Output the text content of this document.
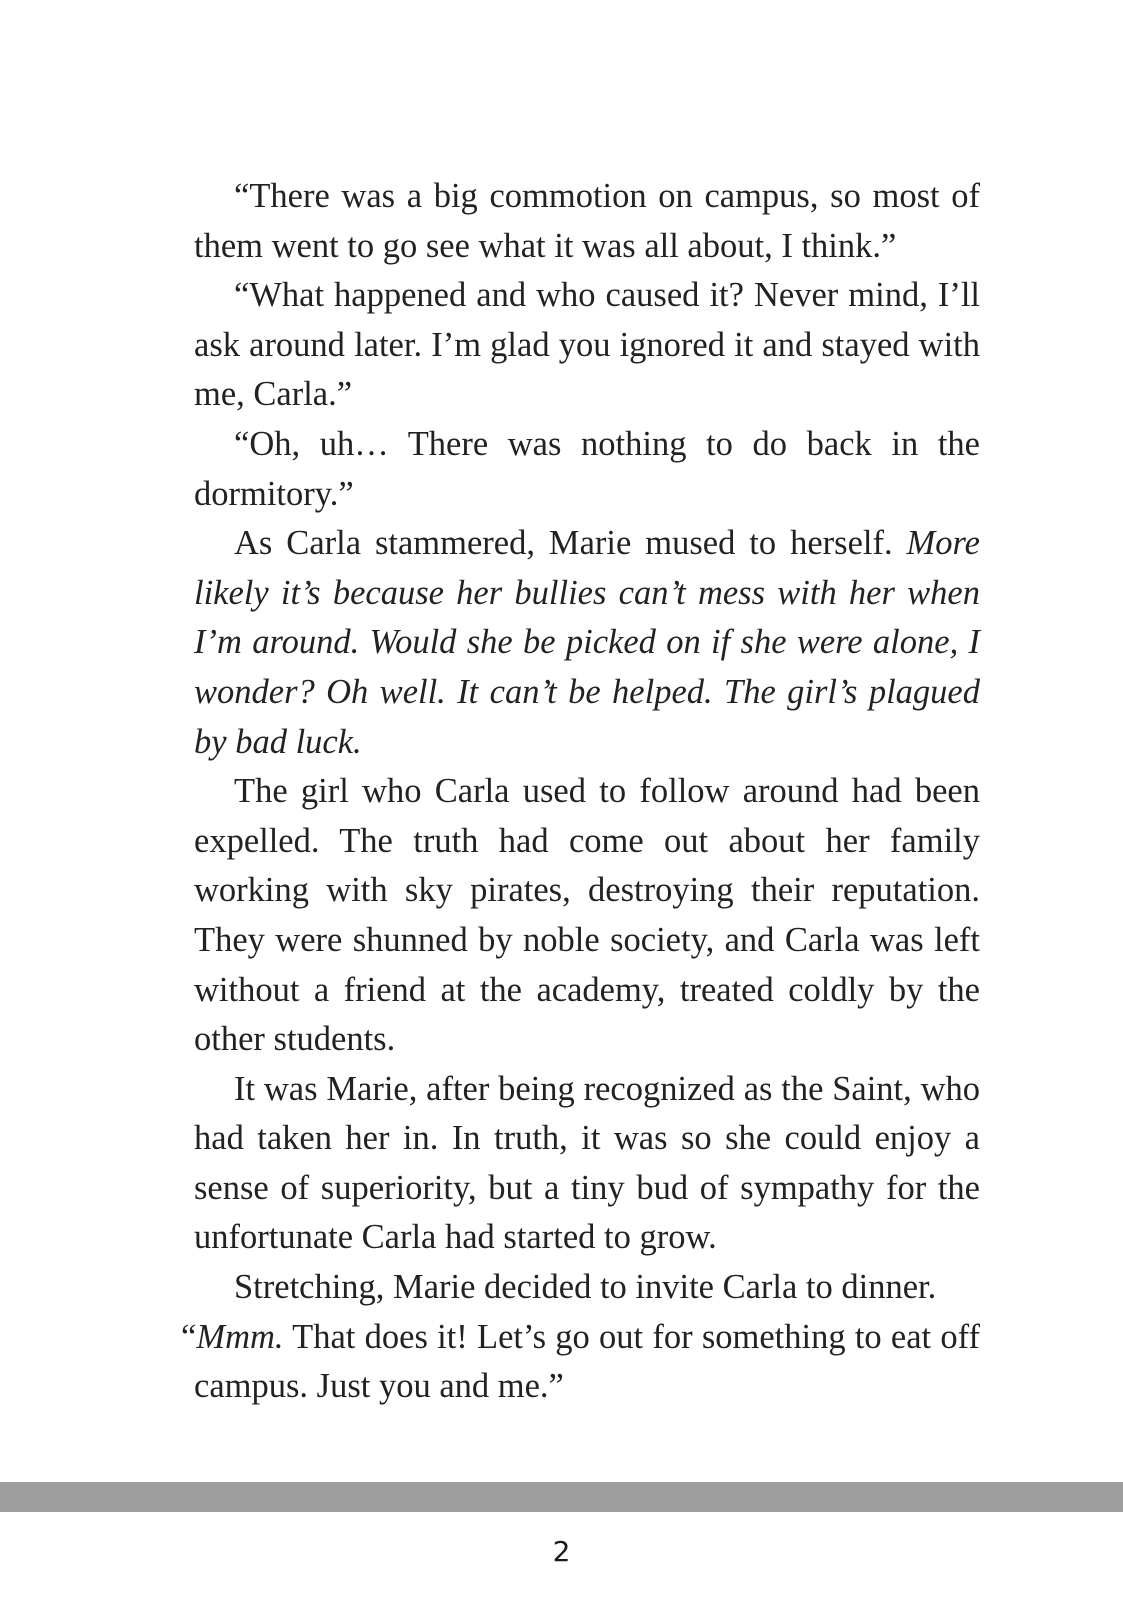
“There was a big commotion on campus, so most of them went to go see what it was all about, I think.”

“What happened and who caused it? Never mind, I’ll ask around later. I’m glad you ignored it and stayed with me, Carla.”

“Oh, uh… There was nothing to do back in the dormitory.”

As Carla stammered, Marie mused to herself. More likely it’s because her bullies can’t mess with her when I’m around. Would she be picked on if she were alone, I wonder? Oh well. It can’t be helped. The girl’s plagued by bad luck.

The girl who Carla used to follow around had been expelled. The truth had come out about her family working with sky pirates, destroying their reputation. They were shunned by noble society, and Carla was left without a friend at the academy, treated coldly by the other students.

It was Marie, after being recognized as the Saint, who had taken her in. In truth, it was so she could enjoy a sense of superiority, but a tiny bud of sympathy for the unfortunate Carla had started to grow.

Stretching, Marie decided to invite Carla to dinner.

“Mmm. That does it! Let’s go out for something to eat off campus. Just you and me.”

2
